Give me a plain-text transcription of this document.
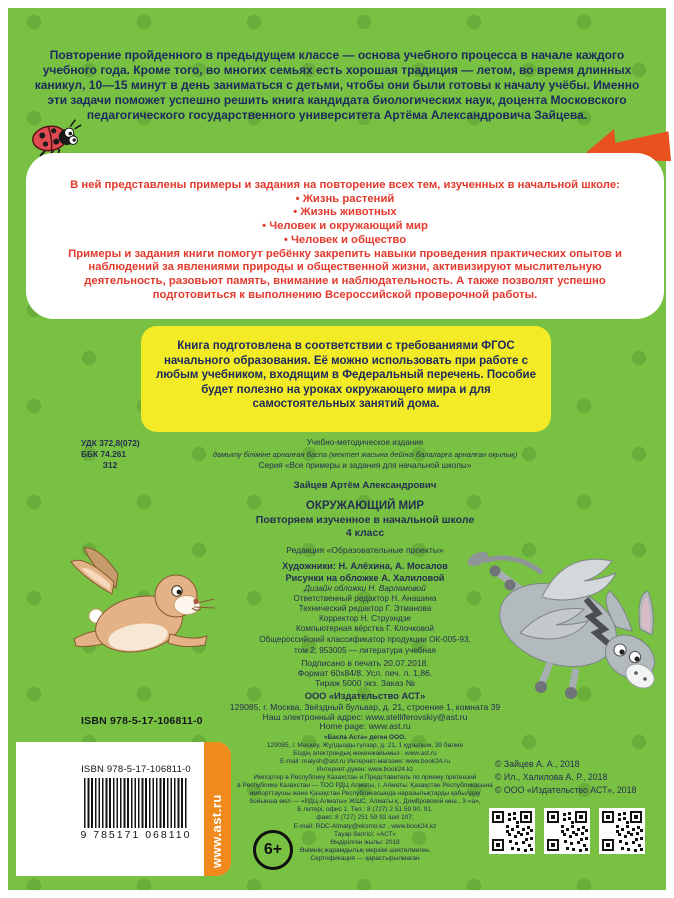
Повторение пройденного в предыдущем классе — основа учебного процесса в начале каждого учебного года. Кроме того, во многих семьях есть хорошая традиция — летом, во время длинных каникул, 10—15 минут в день заниматься с детьми, чтобы они были готовы к началу учёбы. Именно эти задачи поможет успешно решить книга кандидата биологических наук, доцента Московского педагогического государственного университета Артёма Александровича Зайцева.
В ней представлены примеры и задания на повторение всех тем, изученных в начальной школе:
• Жизнь растений
• Жизнь животных
• Человек и окружающий мир
• Человек и общество
Примеры и задания книги помогут ребёнку закрепить навыки проведения практических опытов и наблюдений за явлениями природы и общественной жизни, активизируют мыслительную деятельность, разовьют память, внимание и наблюдательность. А также позволят успешно подготовиться к выполнению Всероссийской проверочной работы.
Книга подготовлена в соответствии с требованиями ФГОС начального образования. Её можно использовать при работе с любым учебником, входящим в Федеральный перечень. Пособие будет полезно на уроках окружающего мира и для самостоятельных занятий дома.
УДК 372,8(072)
ББК 74.261
З12
Учебно-методическое издание
дамыту біліміне арналған баспа (мектеп жасына дейінгі балаларға арналған оқылық)
Серия «Все примеры и задания для начальной школы»
Зайцев Артём Александрович
ОКРУЖАЮЩИЙ МИР
Повторяем изученное в начальной школе
4 класс
Редакция «Образовательные проекты»
Художники: Н. Алёхина, А. Мосалов
Рисунки на обложке А. Халиловой
Дизайн обложки Н. Варламовой
Ответственный редактор Н. Анашина
Технический редактор Г. Этманова
Корректор Н. Струэндзе
Компьютерная вёрстка Г. Клочковой
Общероссийский классификатор продукции ОК-005-93,
том 2; 953005 — литература учебная
Подписано в печать 20.07.2018.
Формат 60х84/8. Усл. печ. л. 1,86.
Тираж 5000 экз. Заказ №
ООО «Издательство АСТ»
129085, г. Москва, Звёздный бульвар, д. 21, строение 1, комната 39
Наш электронный адрес: www.stelliferovskiy@ast.ru
Home page: www.ast.ru
«Баспа Аста» деген ООО.
129085, г. Мәскеу, Жұлдызды гүлзар, д. 21, 1 құрылым, 39 бөлме
Біздің электрондық мекенжайымыз : www.ast.ru
E-mail: malysh@ast.ru Интернет-магазин: www.book24.ru
Интернет-дүкен: www.book24.kz
Импортер в Республику Казахстан и Представитель по приему претензий
в Республике Казахстан — ТОО РДЦ Алматы, г. Алматы. Қазақстан Республикасына
импорттаушы және Қазақстан Республикасында наразылықтарды қабылдау
бойынша өкіл — «РДЦ-Алматы» ЖШС, Алматы қ., Домбровский көш., 3-«а»,
Б литері, офис 1. Тел.: 8 (727) 2 51 59 90, 91,
факс: 8 (727) 251 59 92 ішкі 107;
E-mail: RDC-Almaty@eksmo.kz , www.book24.kz
Тауар белгісі: «АСТ»
Өндірілген жылы: 2018
Өнімнің жарамдылық мерзімі шектелмеген.
Сертификация — қарастырылмаған
ISBN 978-5-17-106811-0
ISBN 978-5-17-106811-0
9 785171 068110	www.ast.ru	6+
© Зайцев А. А., 2018
© Ил., Халилова А. Р., 2018
© ООО «Издательство АСТ», 2018
